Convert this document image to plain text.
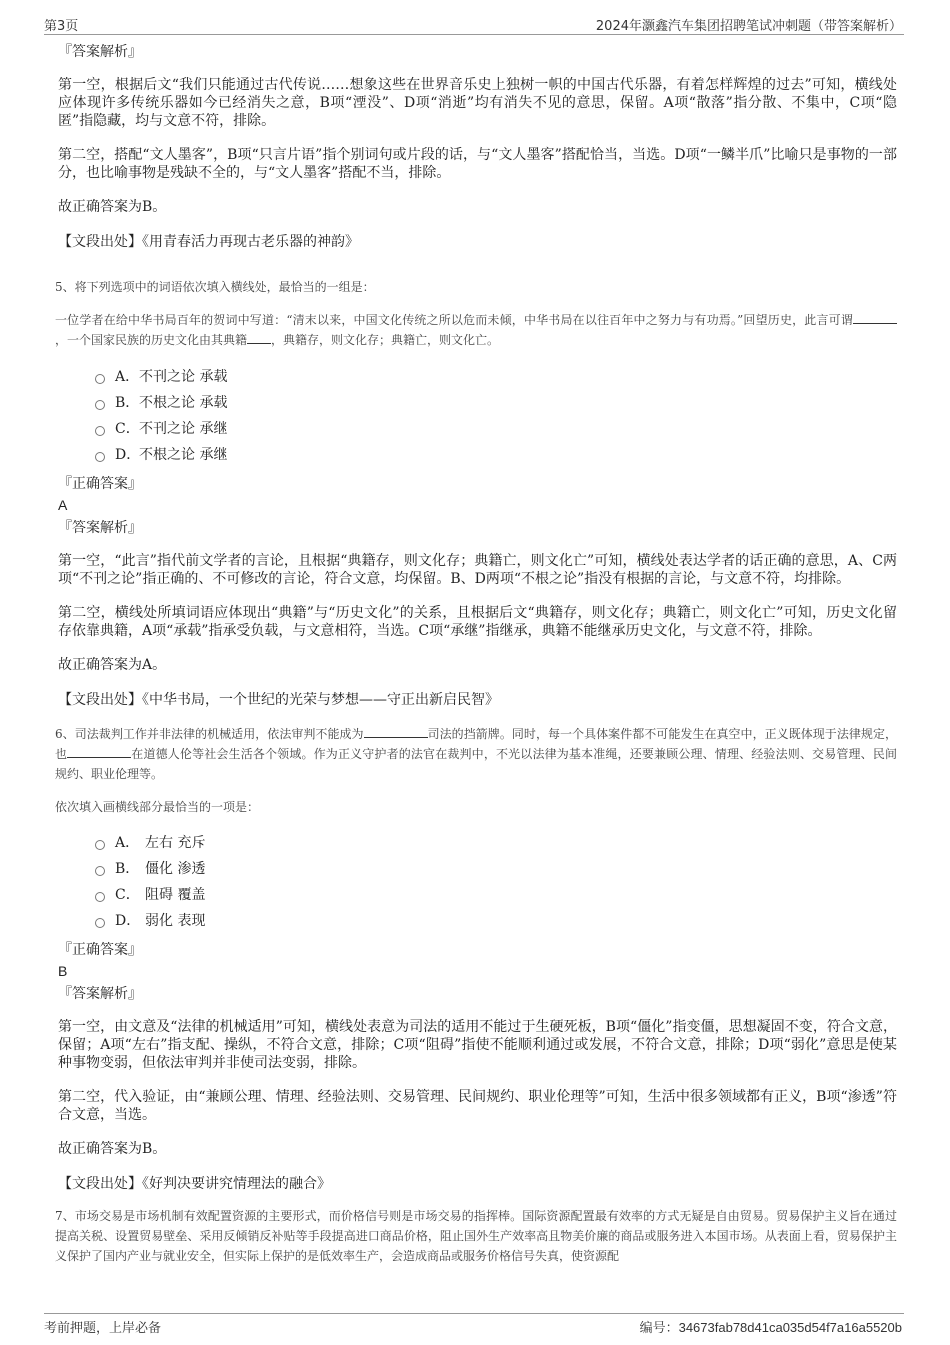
第3页	2024年灏鑫汽车集团招聘笔试冲刺题（带答案解析）
『答案解析』
第一空，根据后文“我们只能通过古代传说……想象这些在世界音乐史上独树一帜的中国古代乐器，有着怎样辉煌的过去”可知，横线处应体现许多传统乐器如今已经消失之意，B项“湮没”、D项“消逝”均有消失不见的意思，保留。A项“散落”指分散、不集中，C项“隐匿”指隐藏，均与文意不符，排除。
第二空，搭配“文人墨客”，B项“只言片语”指个别词句或片段的话，与“文人墨客”搭配恰当，当选。D项“一鳞半爪”比喻只是事物的一部分，也比喻事物是残缺不全的，与“文人墨客”搭配不当，排除。
故正确答案为B。
【文段出处】《用青春活力再现古老乐器的神韵》
5、将下列选项中的词语依次填入横线处，最恰当的一组是：
一位学者在给中华书局百年的贺词中写道：“清末以来，中国文化传统之所以危而未倾，中华书局在以往百年中之努力与有功焉。”回望历史，此言可谓，一个国家民族的历史文化由其典籍 ，典籍存，则文化存；典籍亡，则文化亡。
A． 不刊之论 承载
B． 不根之论 承载
C． 不刊之论 承继
D．
不根之论 承继
『正确答案』
A
『答案解析』
第一空，“此言”指代前文学者的言论，且根据“典籍存，则文化存；典籍亡，则文化亡”可知，横线处表达学者的话正确的意思，A、C两项“不刊之论”指正确的、不可修改的言论，符合文意，均保留。B、D两项“不根之论”指没有根据的言论，与文意不符，均排除。
第二空，横线处所填词语应体现出“典籍”与“历史文化”的关系，且根据后文“典籍存，则文化存；典籍亡，则文化亡”可知，历史文化留存依靠典籍，A项“承载”指承受负载，与文意相符，当选。C项“承继”指继承，典籍不能继承历史文化，与文意不符，排除。
故正确答案为A。
【文段出处】《中华书局，一个世纪的光荣与梦想——守正出新启民智》
6、司法裁判工作并非法律的机械适用，依法审判不能成为	司法的挡箭牌。同时，每一个具体案件都不可能发生在真空中，正义既体现于法律规定，也	在道德人伦等社会生活各个领域。作为正义守护者的法官在裁判中，不光以法律为基本准绳，还要兼顾公理、情理、经验法则、交易管理、民间规约、职业伦理等。
依次填入画横线部分最恰当的一项是：
A． 左右 充斥
B． 僵化 渗透
C． 阻碍 覆盖
D． 弱化 表现
『正确答案』
B
『答案解析』
第一空，由文意及“法律的机械适用”可知，横线处表意为司法的适用不能过于生硬死板，B项“僵化”指变僵，思想凝固不变，符合文意，保留；A项“左右”指支配、操纵，不符合文意，排除；C项“阻碍”指使不能顺利通过或发展，不符合文意，排除；D项“弱化”意思是使某种事物变弱，但依法审判并非使司法变弱，排除。
第二空，代入验证，由“兼顾公理、情理、经验法则、交易管理、民间规约、职业伦理等”可知，生活中很多领域都有正义，B项“渗透”符合文意，当选。
故正确答案为B。
【文段出处】《好判决要讲究情理法的融合》
7、市场交易是市场机制有效配置资源的主要形式，而价格信号则是市场交易的指挥棒。国际资源配置最有效率的方式无疑是自由贸易。贸易保护主义旨在通过提高关税、设置贸易壁垒、采用反倾销反补贴等手段提高进口商品价格，阻止国外生产效率高且物美价廉的商品或服务进入本国市场。从表面上看，贸易保护主义保护了国内产业与就业安全，但实际上保护的是低效率生产，会造成商品或服务价格信号失真，使资源配
考前押题，上岸必备	编号：34673fab78d41ca035d54f7a16a5520b
